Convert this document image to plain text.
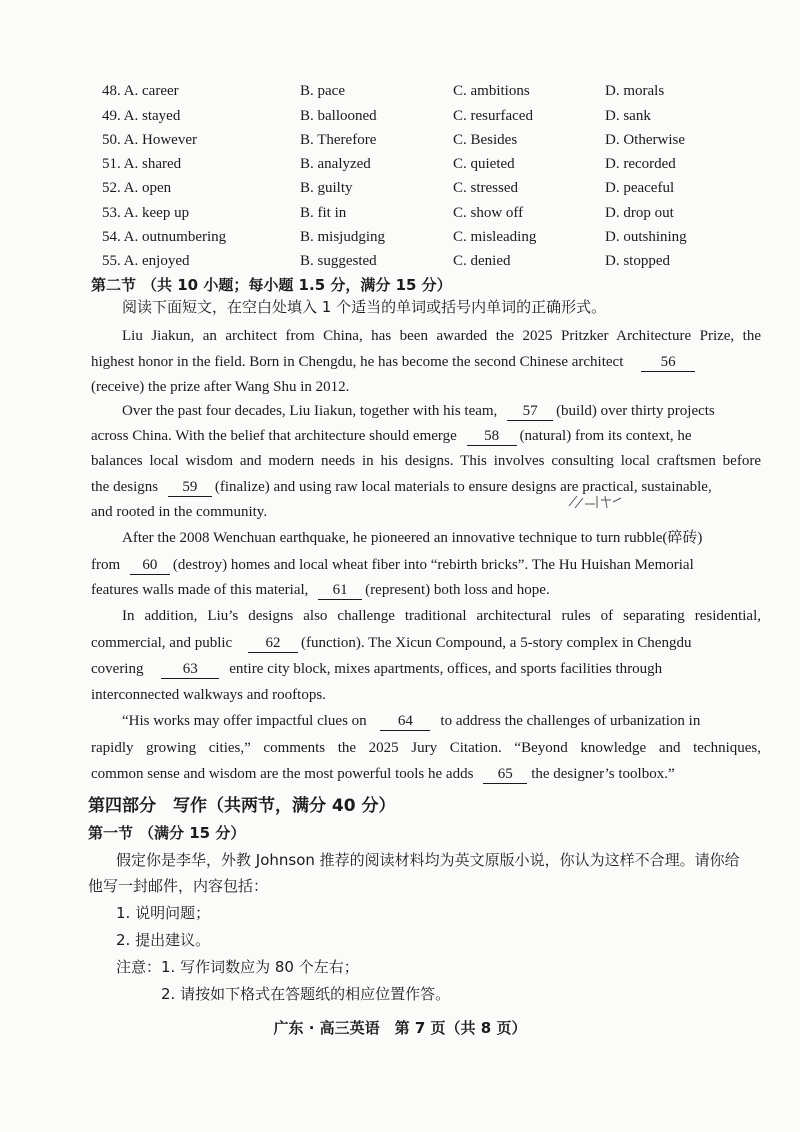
48. A. career	B. pace	C. ambitions	D. morals
49. A. stayed	B. ballooned	C. resurfaced	D. sank
50. A. However	B. Therefore	C. Besides	D. Otherwise
51. A. shared	B. analyzed	C. quieted	D. recorded
52. A. open	B. guilty	C. stressed	D. peaceful
53. A. keep up	B. fit in	C. show off	D. drop out
54. A. outnumbering	B. misjudging	C. misleading	D. outshining
55. A. enjoyed	B. suggested	C. denied	D. stopped
第二节 （共 10 小题；每小题 1.5 分，满分 15 分）
阅读下面短文，在空白处填入 1 个适当的单词或括号内单词的正确形式。
Liu Jiakun, an architect from China, has been awarded the 2025 Pritzker Architecture Prize, the
highest honor in the field. Born in Chengdu, he has become the second Chinese architect 56
(receive) the prize after Wang Shu in 2012.
Over the past four decades, Liu Iiakun, together with his team, 57 (build) over thirty projects
across China. With the belief that architecture should emerge 58 (natural) from its context, he
balances local wisdom and modern needs in his designs. This involves consulting local craftsmen before
the designs 59 (finalize) and using raw local materials to ensure designs are practical, sustainable,
and rooted in the community.
After the 2008 Wenchuan earthquake, he pioneered an innovative technique to turn rubble(碎砖)
from 60 (destroy) homes and local wheat fiber into “rebirth bricks”. The Hu Huishan Memorial
features walls made of this material, 61 (represent) both loss and hope.
In addition, Liu’s designs also challenge traditional architectural rules of separating residential,
commercial, and public 62 (function). The Xicun Compound, a 5-story complex in Chengdu
covering	63 entire city block, mixes apartments, offices, and sports facilities through
interconnected walkways and rooftops.
“His works may offer impactful clues on 64 to address the challenges of urbanization in
rapidly growing cities,” comments the 2025 Jury Citation. “Beyond knowledge and techniques,
common sense and wisdom are the most powerful tools he adds 65 the designer’s toolbox.”
第四部分　写作（共两节，满分 40 分）
第一节 （满分 15 分）
假定你是李华，外教 Johnson 推荐的阅读材料均为英文原版小说，你认为这样不合理。请你给
他写一封邮件，内容包括：
1. 说明问题；
2. 提出建议。
注意：1. 写作词数应为 80 个左右；
2. 请按如下格式在答题纸的相应位置作答。
广东 · 高三英语　第 7 页（共 8 页）
